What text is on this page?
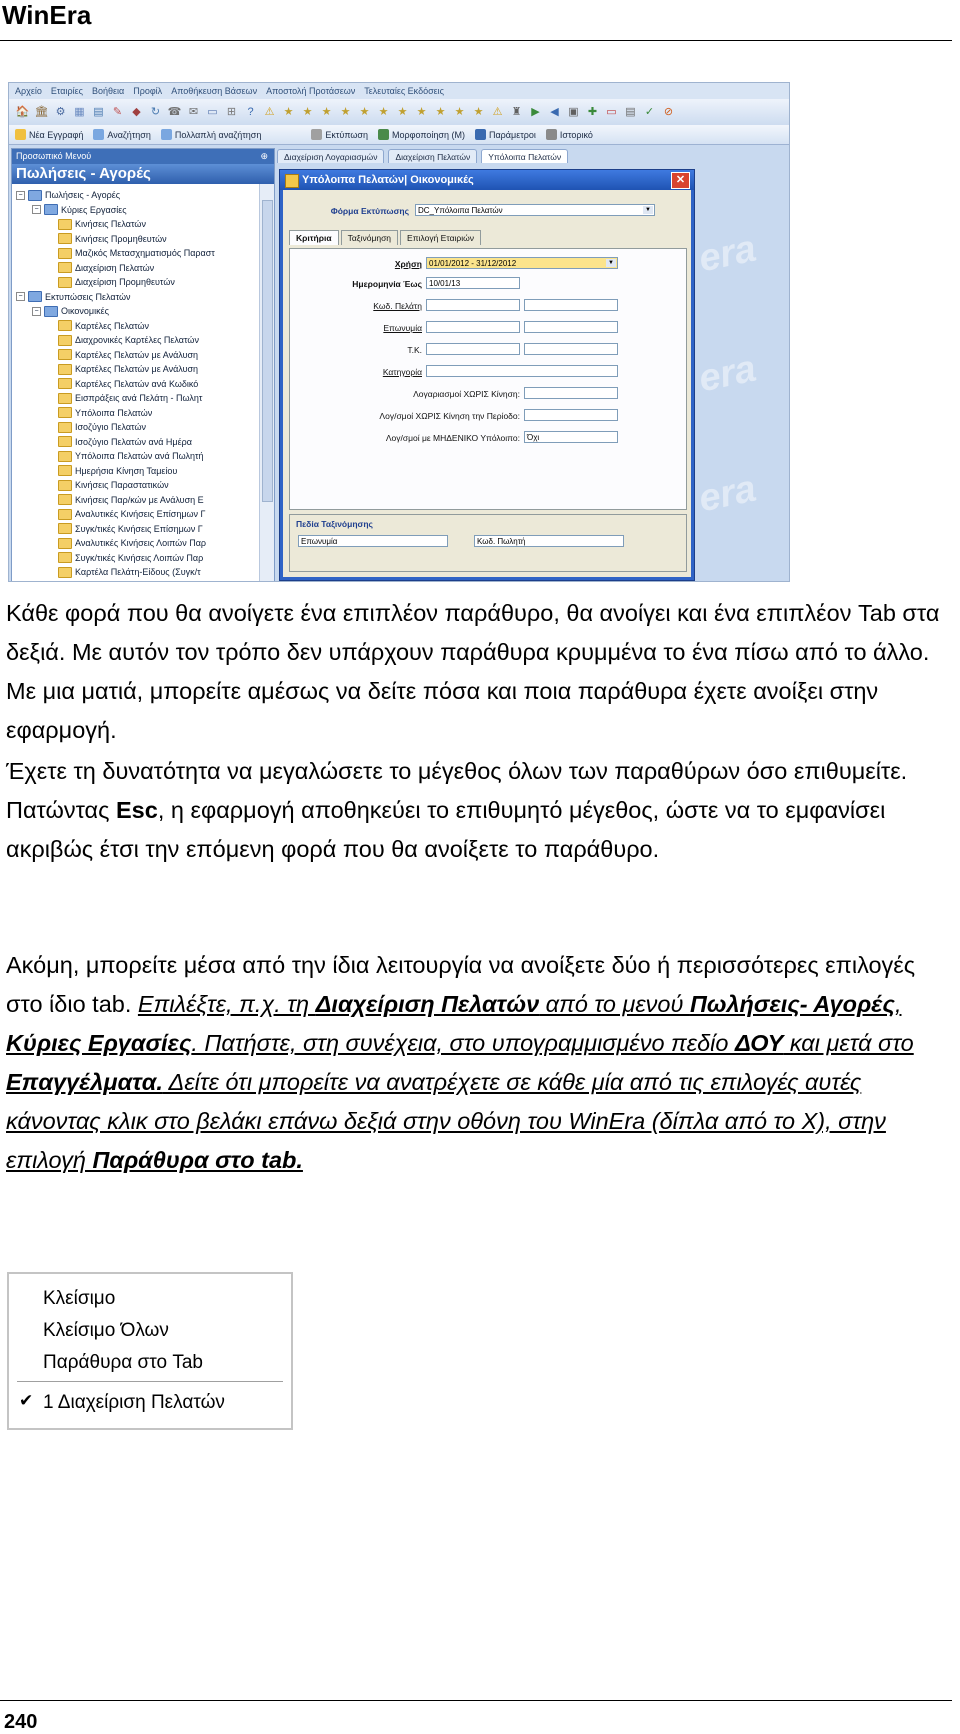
WinEra
Αρχείο Εταιρίες Βοήθεια Προφίλ Αποθήκευση Βάσεων Αποστολή Προτάσεων Τελευταίες Εκδόσεις
🏠 🏛 ⚙ ▦ ▤ ✎ ◆ ↻ ☎ ✉ ▭ ⊞	?	⚠ ★ ★ ★ ★ ★ ★ ★ ★ ★ ★ ★ ⚠ ♜ ▶ ◀ ▣ ✚ ▭ ▤ ✓ ⊘
Νέα Εγγραφή	Αναζήτηση	Πολλαπλή αναζήτηση	Εκτύπωση	Μορφοποίηση (M)	Παράμετροι	Ιστορικό
Προσωπικό Μενού	⊕
Πωλήσεις - Αγορές
− Πωλήσεις - Αγορές
− Κύριες Εργασίες
Κινήσεις Πελατών
Κινήσεις Προμηθευτών
Μαζικός Μετασχηματισμός Παραστ
Διαχείριση Πελατών
Διαχείριση Προμηθευτών
− Εκτυπώσεις Πελατών
− Οικονομικές
Καρτέλες Πελατών
Διαχρονικές Καρτέλες Πελατών
Καρτέλες Πελατών με Ανάλυση
Καρτέλες Πελατών με Ανάλυση
Καρτέλες Πελατών ανά Κωδικό
Εισπράξεις ανά Πελάτη - Πωλητ
Υπόλοιπα Πελατών
Ισοζύγιο Πελατών
Ισοζύγιο Πελατών ανά Ημέρα
Υπόλοιπα Πελατών ανά Πωλητή
Ημερήσια Κίνηση Ταμείου
Κινήσεις Παραστατικών
Κινήσεις Παρ/κών με Ανάλυση Ε
Αναλυτικές Κινήσεις Επίσημων Γ
Συγκ/τικές Κινήσεις Επίσημων Γ
Αναλυτικές Κινήσεις Λοιπών Παρ
Συγκ/τικές Κινήσεις Λοιπών Παρ
Καρτέλα Πελάτη-Είδους (Συγκ/τ
Διαχείριση Λογαριασμών	Διαχείριση Πελατών	Υπόλοιπα Πελατών
era
era
era
Υπόλοιπα Πελατών| Οικονομικές	✕
Φόρμα Εκτύπωσης	DC_Υπόλοιπα Πελατών	▼
Κριτήρια	Ταξινόμηση	Επιλογή Εταιριών
Χρήση 01/01/2012 - 31/12/2012	▼
Ημερομηνία Έως 10/01/13
Κωδ. Πελάτη
Επωνυμία
Τ.Κ.
Κατηγορία
Λογαριασμοί ΧΩΡΙΣ Κίνηση:
Λογ/σμοί ΧΩΡΙΣ Κίνηση την Περίοδο:
Λογ/σμοί με ΜΗΔΕΝΙΚΟ Υπόλοιπο: Όχι
Πεδία Ταξινόμησης
Επωνυμία	Κωδ. Πωλητή
Κάθε φορά που θα ανοίγετε ένα επιπλέον παράθυρο, θα ανοίγει και ένα επιπλέον Tab στα δεξιά. Με αυτόν τον τρόπο δεν υπάρχουν παράθυρα κρυμμένα το ένα πίσω από το άλλο. Με μια ματιά, μπορείτε αμέσως να δείτε πόσα και ποια παράθυρα έχετε ανοίξει στην εφαρμογή.
Έχετε τη δυνατότητα να μεγαλώσετε το μέγεθος όλων των παραθύρων όσο επιθυμείτε. Πατώντας Esc, η εφαρμογή αποθηκεύει το επιθυμητό μέγεθος, ώστε να το εμφανίσει ακριβώς έτσι την επόμενη φορά που θα ανοίξετε το παράθυρο.
Ακόμη, μπορείτε μέσα από την ίδια λειτουργία να ανοίξετε δύο ή περισσότερες επιλογές στο ίδιο tab. Επιλέξτε, π.χ. τη Διαχείριση Πελατών από το μενού Πωλήσεις- Αγορές, Κύριες Εργασίες. Πατήστε, στη συνέχεια, στο υπογραμμισμένο πεδίο ΔΟΥ και μετά στο Επαγγέλματα. Δείτε ότι μπορείτε να ανατρέχετε σε κάθε μία από τις επιλογές αυτές κάνοντας κλικ στο βελάκι επάνω δεξιά στην οθόνη του WinEra (δίπλα από το Χ), στην επιλογή Παράθυρα στο tab.
Κλείσιμο
Κλείσιμο Όλων
Παράθυρα στο Tab
✔ 1 Διαχείριση Πελατών
240
